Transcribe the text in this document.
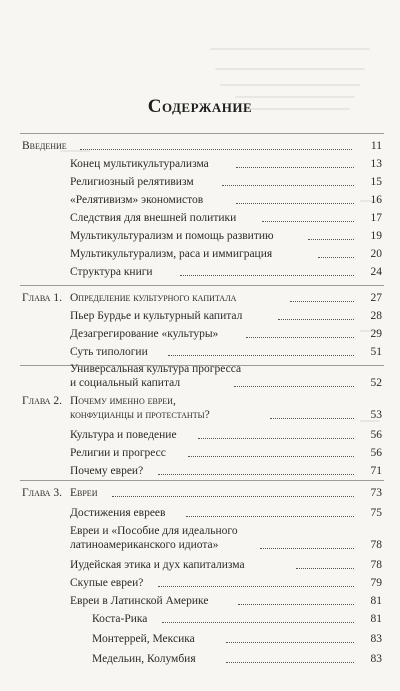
Содержание
Введение	11
Конец мультикультурализма	13
Религиозный релятивизм	15
«Релятивизм» экономистов	16
Следствия для внешней политики	17
Мультикультурализм и помощь развитию	19
Мультикультурализм, раса и иммиграция	20
Структура книги	24
Глава 1. Определение культурного капитала	27
Пьер Бурдье и культурный капитал	28
Дезагрегирование «культуры»	29
Суть типологии	51
Универсальная культура прогресса
и социальный капитал	52
Глава 2. Почему именно евреи,
конфуцианцы и протестанты?	53
Культура и поведение	56
Религии и прогресс	56
Почему евреи?	71
Глава 3. Евреи	73
Достижения евреев	75
Евреи и «Пособие для идеального
латиноамериканского идиота»	78
Иудейская этика и дух капитализма	78
Скупые евреи?	79
Евреи в Латинской Америке	81
Коста-Рика	81
Монтеррей, Мексика	83
Медельин, Колумбия	83
